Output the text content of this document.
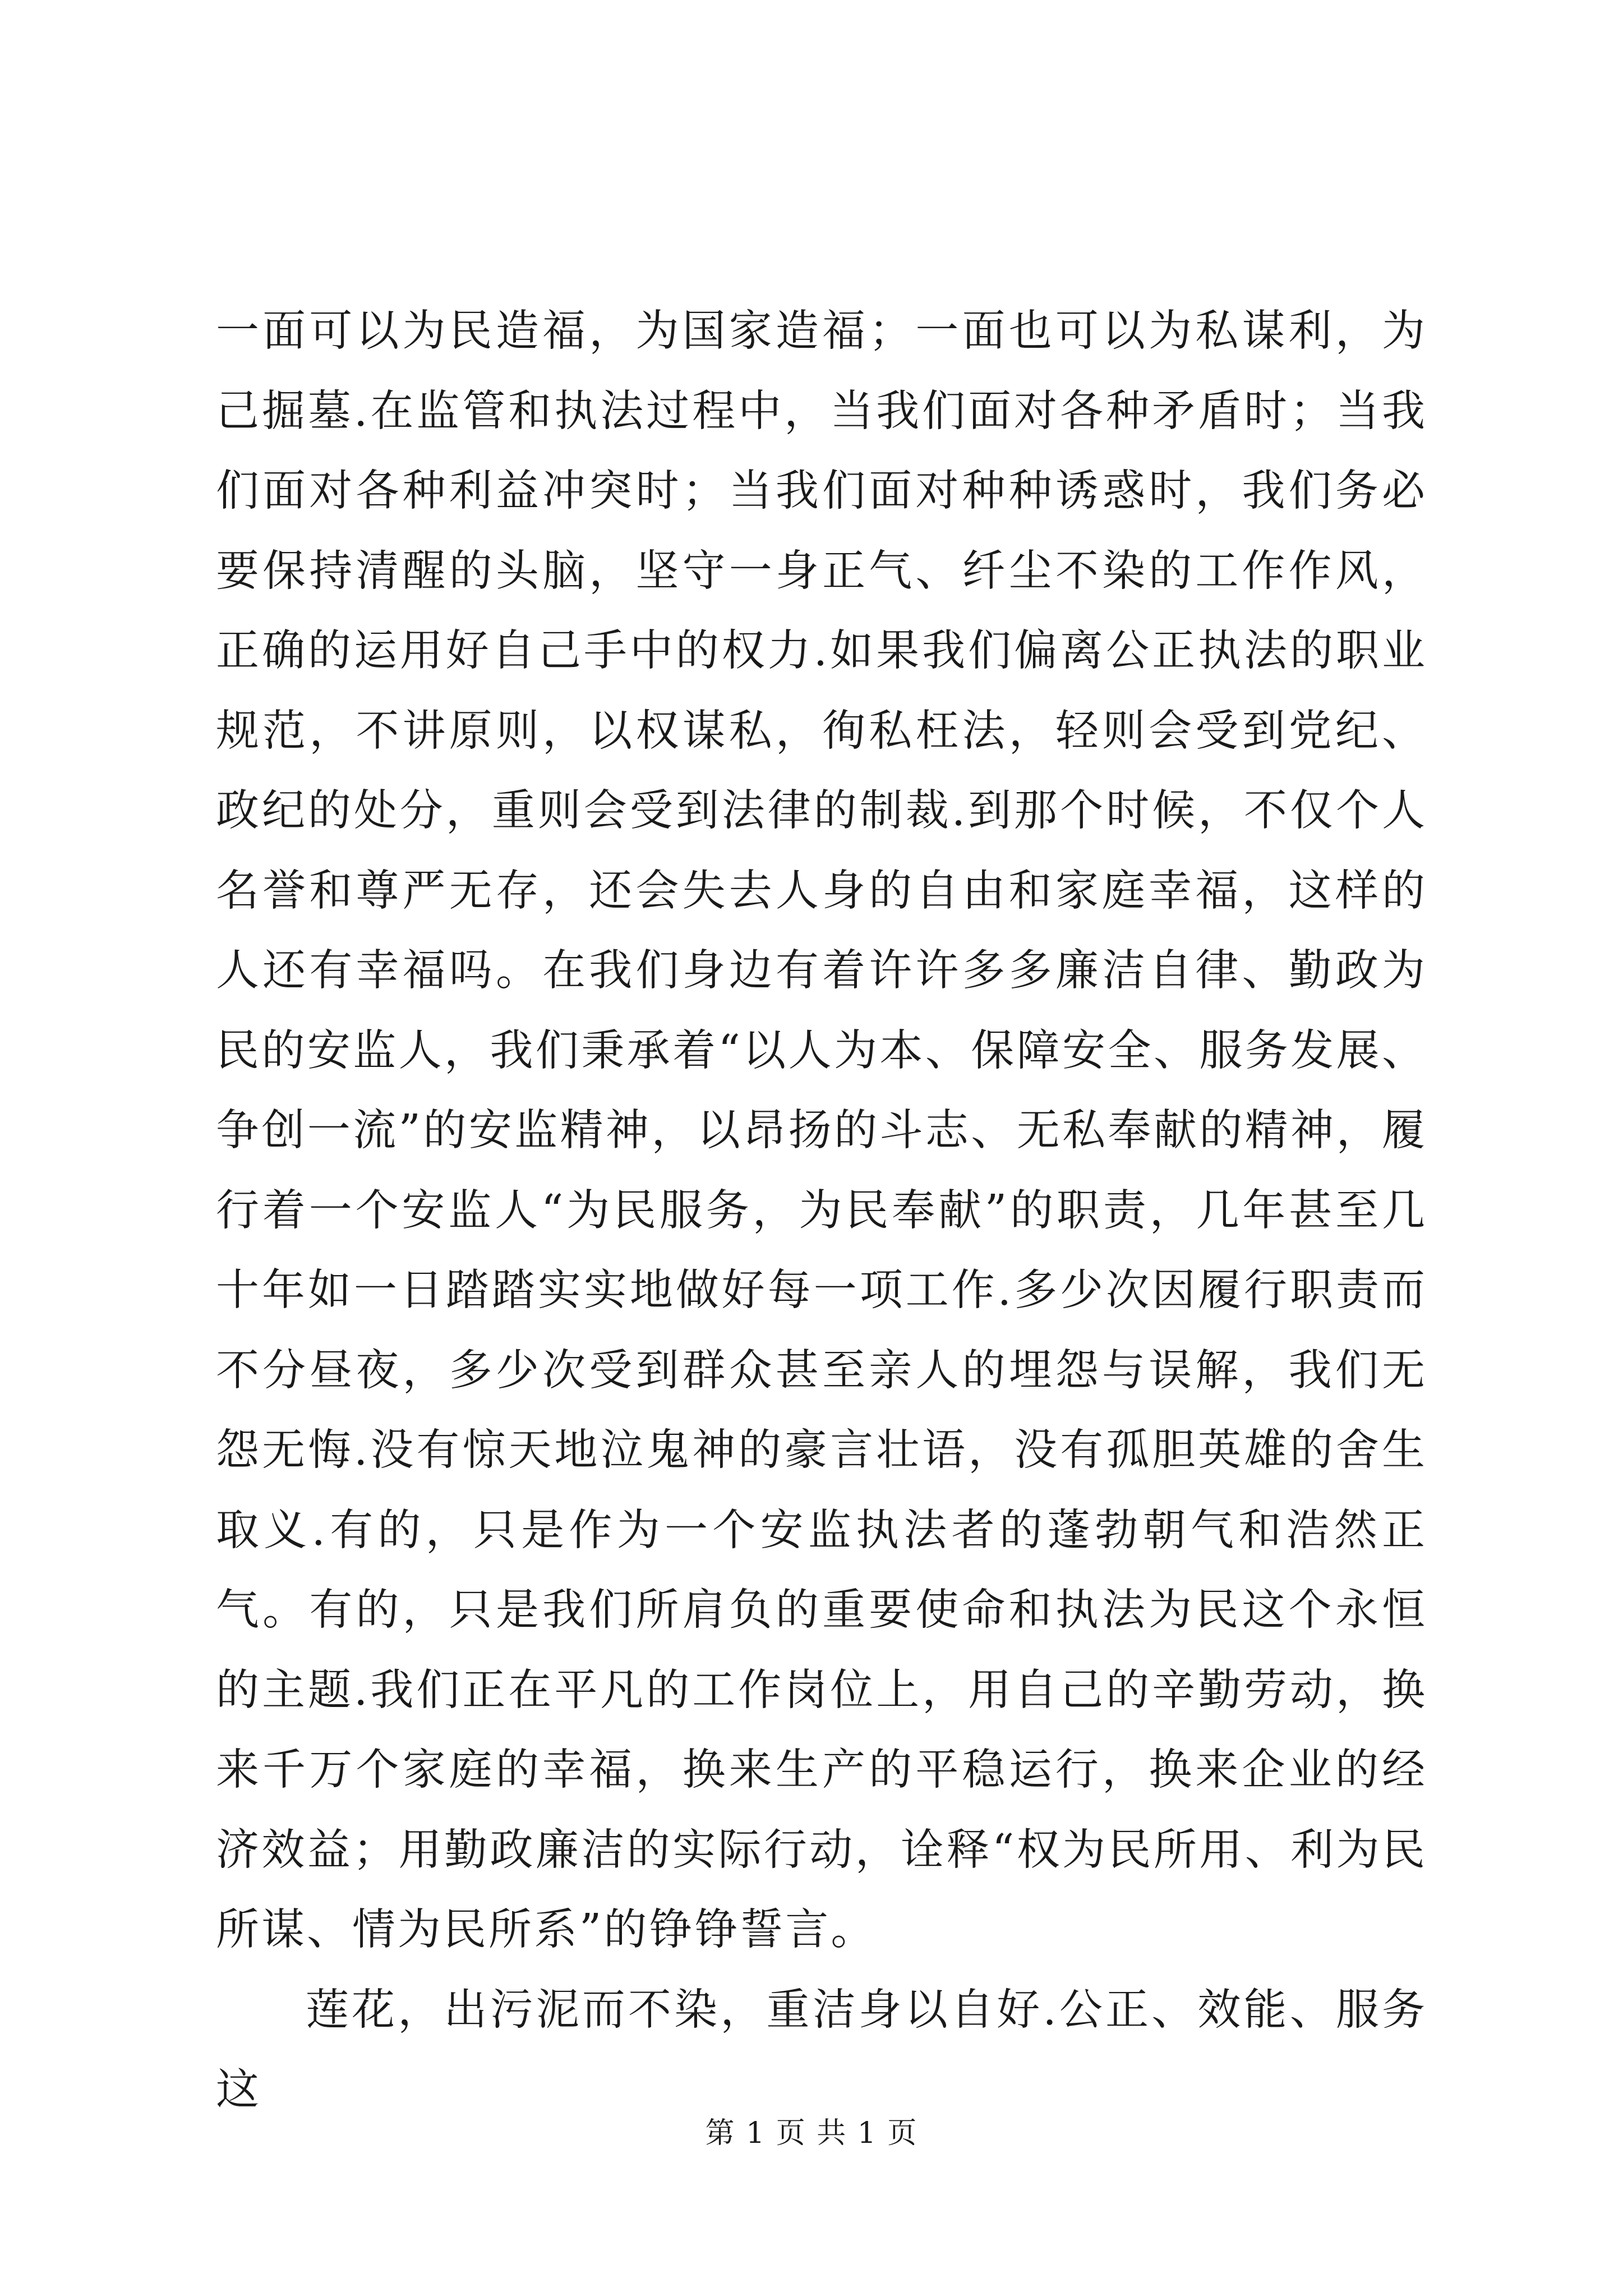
一面可以为民造福，为国家造福；一面也可以为私谋利，为己掘墓.在监管和执法过程中，当我们面对各种矛盾时；当我们面对各种利益冲突时；当我们面对种种诱惑时，我们务必要保持清醒的头脑，坚守一身正气、纤尘不染的工作作风，正确的运用好自己手中的权力.如果我们偏离公正执法的职业规范，不讲原则，以权谋私，徇私枉法，轻则会受到党纪、政纪的处分，重则会受到法律的制裁.到那个时候，不仅个人名誉和尊严无存，还会失去人身的自由和家庭幸福，这样的人还有幸福吗。在我们身边有着许许多多廉洁自律、勤政为民的安监人，我们秉承着“以人为本、保障安全、服务发展、争创一流”的安监精神，以昂扬的斗志、无私奉献的精神，履行着一个安监人“为民服务，为民奉献”的职责，几年甚至几十年如一日踏踏实实地做好每一项工作.多少次因履行职责而不分昼夜，多少次受到群众甚至亲人的埋怨与误解，我们无怨无悔.没有惊天地泣鬼神的豪言壮语，没有孤胆英雄的舍生取义.有的，只是作为一个安监执法者的蓬勃朝气和浩然正气。有的，只是我们所肩负的重要使命和执法为民这个永恒的主题.我们正在平凡的工作岗位上，用自己的辛勤劳动，换来千万个家庭的幸福，换来生产的平稳运行，换来企业的经济效益；用勤政廉洁的实际行动，诠释“权为民所用、利为民所谋、情为民所系”的铮铮誓言。

莲花，出污泥而不染，重洁身以自好.公正、效能、服务这

第 1 页 共 1 页
